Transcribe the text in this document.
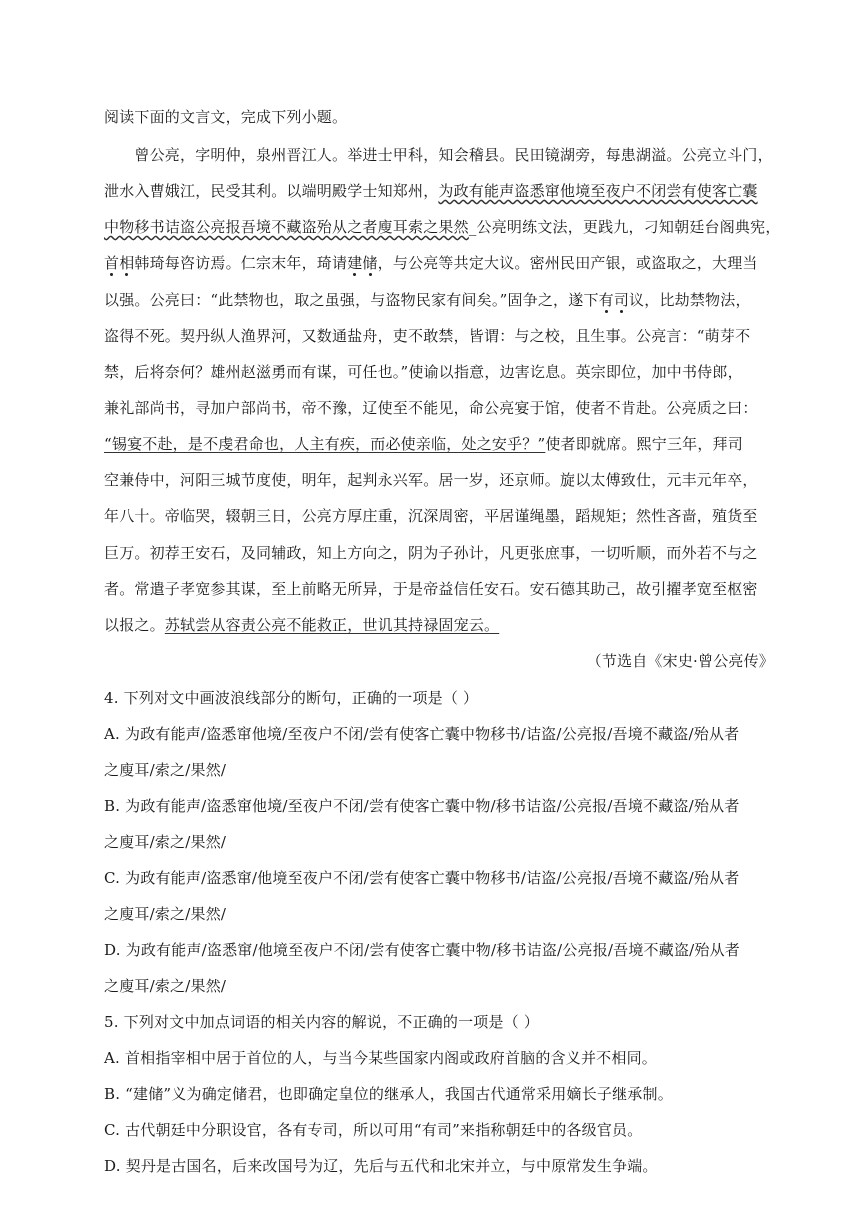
阅读下面的文言文，完成下列小题。
　　曾公亮，字明仲，泉州晋江人。举进士甲科，知会稽县。民田镜湖旁，每患湖溢。公亮立斗门，
泄水入曹娥江，民受其利。以端明殿学士知郑州，为政有能声盗悉窜他境至夜户不闭尝有使客亡囊
中物移书诘盗公亮报吾境不藏盗殆从之者廋耳索之果然_公亮明练文法，更践九，刁知朝廷台阁典宪，
首相韩琦每咨访焉。仁宗末年，琦请建储，与公亮等共定大议。密州民田产银，或盗取之，大理当
以强。公亮曰：“此禁物也，取之虽强，与盗物民家有间矣。”固争之，遂下有司议，比劫禁物法，
盗得不死。契丹纵人渔界河，又数通盐舟，吏不敢禁，皆谓：与之校，且生事。公亮言：“萌芽不
禁，后将奈何？雄州赵滋勇而有谋，可任也。”使谕以指意，边害讫息。英宗即位，加中书侍郎，
兼礼部尚书，寻加户部尚书，帝不豫，辽使至不能见，命公亮宴于馆，使者不肯赴。公亮质之曰：
“锡宴不赴，是不虔君命也，人主有疾，而必使亲临，处之安乎？”使者即就席。熙宁三年，拜司
空兼侍中，河阳三城节度使，明年，起判永兴军。居一岁，还京师。旋以太傅致仕，元丰元年卒，
年八十。帝临哭，辍朝三日，公亮方厚庄重，沉深周密，平居谨绳墨，蹈规矩；然性吝啬，殖货至
巨万。初荐王安石，及同辅政，知上方向之，阴为子孙计，凡更张庶事，一切听顺，而外若不与之
者。常遣子孝宽参其谋，至上前略无所异，于是帝益信任安石。安石德其助己，故引擢孝宽至枢密
以报之。苏轼尝从容责公亮不能救正，世讥其持禄固宠云。
（节选自《宋史·曾公亮传》
4. 下列对文中画波浪线部分的断句，正确的一项是（ ）
A. 为政有能声/盗悉窜他境/至夜户不闭/尝有使客亡囊中物移书/诘盗/公亮报/吾境不藏盗/殆从者
之廋耳/索之/果然/
B. 为政有能声/盗悉窜他境/至夜户不闭/尝有使客亡囊中物/移书诘盗/公亮报/吾境不藏盗/殆从者
之廋耳/索之/果然/
C. 为政有能声/盗悉窜/他境至夜户不闭/尝有使客亡囊中物移书/诘盗/公亮报/吾境不藏盗/殆从者
之廋耳/索之/果然/
D. 为政有能声/盗悉窜/他境至夜户不闭/尝有使客亡囊中物/移书诘盗/公亮报/吾境不藏盗/殆从者
之廋耳/索之/果然/
5. 下列对文中加点词语的相关内容的解说，不正确的一项是（ ）
A. 首相指宰相中居于首位的人，与当今某些国家内阁或政府首脑的含义并不相同。
B. “建储”义为确定储君，也即确定皇位的继承人，我国古代通常采用嫡长子继承制。
C. 古代朝廷中分职设官，各有专司，所以可用“有司”来指称朝廷中的各级官员。
D. 契丹是古国名，后来改国号为辽，先后与五代和北宋并立，与中原常发生争端。
